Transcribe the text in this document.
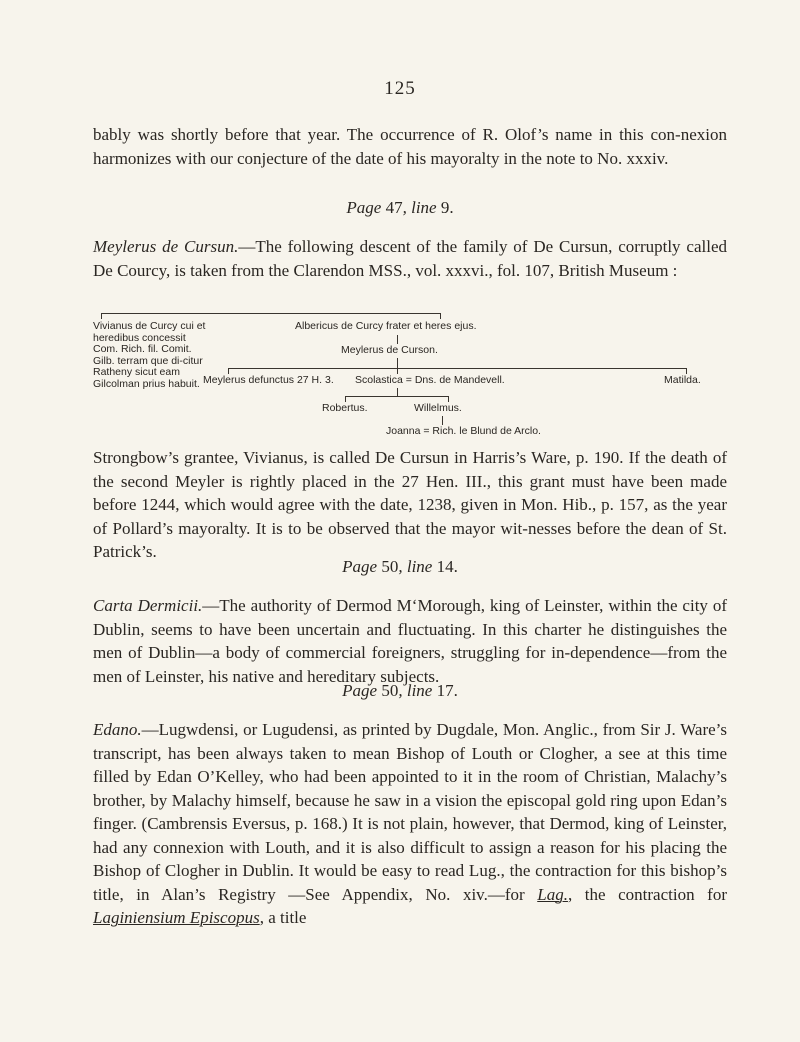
125

bably was shortly before that year. The occurrence of R. Olof’s name in this con-nexion harmonizes with our conjecture of the date of his mayoralty in the note to No. xxxiv.

Page 47, line 9.

Meylerus de Cursun.—The following descent of the family of De Cursun, corruptly called De Courcy, is taken from the Clarendon MSS., vol. xxxvi., fol. 107, British Museum :

Vivianus de Curcy cui et heredibus concessit Com. Rich. fil. Comit. Gilb. terram que di-citur Ratheny sicut eam Gilcolman prius habuit.
Albericus de Curcy frater et heres ejus.
Meylerus de Curson.
Meylerus defunctus 27 H. 3. Scolastica = Dns. de Mandevell.	Matilda.
Robertus.	Willelmus.
Joanna = Rich. le Blund de Arclo.

Strongbow’s grantee, Vivianus, is called De Cursun in Harris’s Ware, p. 190. If the death of the second Meyler is rightly placed in the 27 Hen. III., this grant must have been made before 1244, which would agree with the date, 1238, given in Mon. Hib., p. 157, as the year of Pollard’s mayoralty. It is to be observed that the mayor wit-nesses before the dean of St. Patrick’s.

Page 50, line 14.

Carta Dermicii.—The authority of Dermod M‘Morough, king of Leinster, within the city of Dublin, seems to have been uncertain and fluctuating. In this charter he distinguishes the men of Dublin—a body of commercial foreigners, struggling for in-dependence—from the men of Leinster, his native and hereditary subjects.

Page 50, line 17.

Edano.—Lugwdensi, or Lugudensi, as printed by Dugdale, Mon. Anglic., from Sir J. Ware’s transcript, has been always taken to mean Bishop of Louth or Clogher, a see at this time filled by Edan O’Kelley, who had been appointed to it in the room of Christian, Malachy’s brother, by Malachy himself, because he saw in a vision the episcopal gold ring upon Edan’s finger. (Cambrensis Eversus, p. 168.) It is not plain, however, that Dermod, king of Leinster, had any connexion with Louth, and it is also difficult to assign a reason for his placing the Bishop of Clogher in Dublin. It would be easy to read Lug., the contraction for this bishop’s title, in Alan’s Registry —See Appendix, No. xiv.—for Lag., the contraction for Laginiensium Episcopus, a title
